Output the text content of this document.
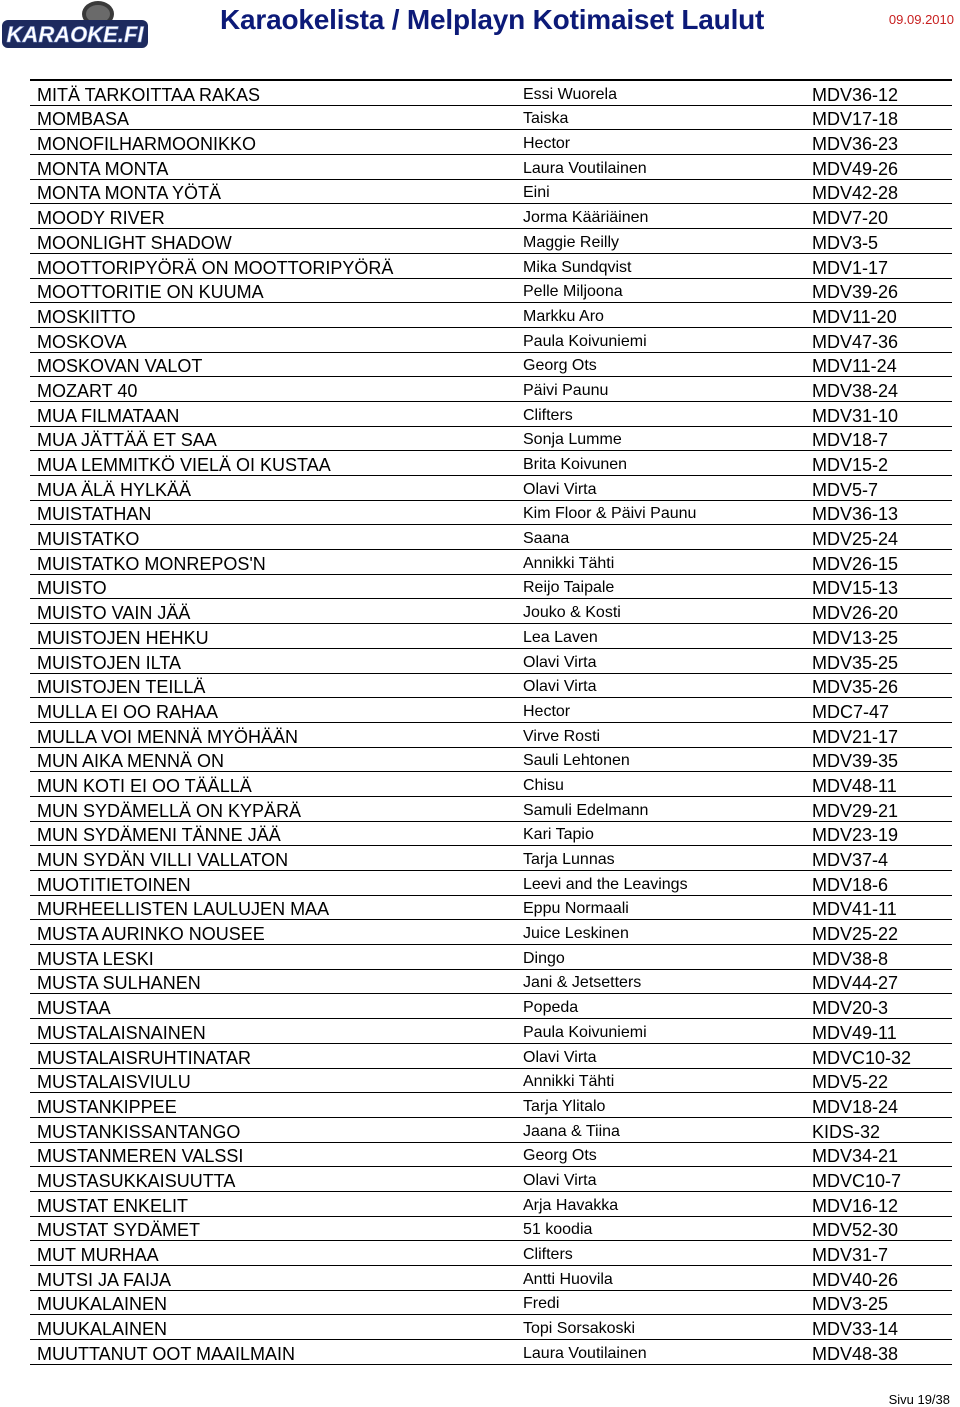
KARAOKE.FI	Karaokelista / Melplayn Kotimaiset Laulut	09.09.2010
MITÄ TARKOITTAA RAKAS	Essi Wuorela	MDV36-12
MOMBASA	Taiska	MDV17-18
MONOFILHARMOONIKKO	Hector	MDV36-23
MONTA MONTA	Laura Voutilainen	MDV49-26
MONTA MONTA YÖTÄ	Eini	MDV42-28
MOODY RIVER	Jorma Kääriäinen	MDV7-20
MOONLIGHT SHADOW	Maggie Reilly	MDV3-5
MOOTTORIPYÖRÄ ON MOOTTORIPYÖRÄ	Mika Sundqvist	MDV1-17
MOOTTORITIE ON KUUMA	Pelle Miljoona	MDV39-26
MOSKIITTO	Markku Aro	MDV11-20
MOSKOVA	Paula Koivuniemi	MDV47-36
MOSKOVAN VALOT	Georg Ots	MDV11-24
MOZART 40	Päivi Paunu	MDV38-24
MUA FILMATAAN	Clifters	MDV31-10
MUA JÄTTÄÄ ET SAA	Sonja Lumme	MDV18-7
MUA LEMMITKÖ VIELÄ OI KUSTAA	Brita Koivunen	MDV15-2
MUA ÄLÄ HYLKÄÄ	Olavi Virta	MDV5-7
MUISTATHAN	Kim Floor & Päivi Paunu	MDV36-13
MUISTATKO	Saana	MDV25-24
MUISTATKO MONREPOS'N	Annikki Tähti	MDV26-15
MUISTO	Reijo Taipale	MDV15-13
MUISTO VAIN JÄÄ	Jouko & Kosti	MDV26-20
MUISTOJEN HEHKU	Lea Laven	MDV13-25
MUISTOJEN ILTA	Olavi Virta	MDV35-25
MUISTOJEN TEILLÄ	Olavi Virta	MDV35-26
MULLA EI OO RAHAA	Hector	MDC7-47
MULLA VOI MENNÄ MYÖHÄÄN	Virve Rosti	MDV21-17
MUN AIKA MENNÄ ON	Sauli Lehtonen	MDV39-35
MUN KOTI EI OO TÄÄLLÄ	Chisu	MDV48-11
MUN SYDÄMELLÄ ON KYPÄRÄ	Samuli Edelmann	MDV29-21
MUN SYDÄMENI TÄNNE JÄÄ	Kari Tapio	MDV23-19
MUN SYDÄN VILLI VALLATON	Tarja Lunnas	MDV37-4
MUOTITIETOINEN	Leevi and the Leavings	MDV18-6
MURHEELLISTEN LAULUJEN MAA	Eppu Normaali	MDV41-11
MUSTA AURINKO NOUSEE	Juice Leskinen	MDV25-22
MUSTA LESKI	Dingo	MDV38-8
MUSTA SULHANEN	Jani & Jetsetters	MDV44-27
MUSTAA	Popeda	MDV20-3
MUSTALAISNAINEN	Paula Koivuniemi	MDV49-11
MUSTALAISRUHTINATAR	Olavi Virta	MDVC10-32
MUSTALAISVIULU	Annikki Tähti	MDV5-22
MUSTANKIPPEE	Tarja Ylitalo	MDV18-24
MUSTANKISSANTANGO	Jaana & Tiina	KIDS-32
MUSTANMEREN VALSSI	Georg Ots	MDV34-21
MUSTASUKKAISUUTTA	Olavi Virta	MDVC10-7
MUSTAT ENKELIT	Arja Havakka	MDV16-12
MUSTAT SYDÄMET	51 koodia	MDV52-30
MUT MURHAA	Clifters	MDV31-7
MUTSI JA FAIJA	Antti Huovila	MDV40-26
MUUKALAINEN	Fredi	MDV3-25
MUUKALAINEN	Topi Sorsakoski	MDV33-14
MUUTTANUT OOT MAAILMAIN	Laura Voutilainen	MDV48-38
Sivu 19/38
